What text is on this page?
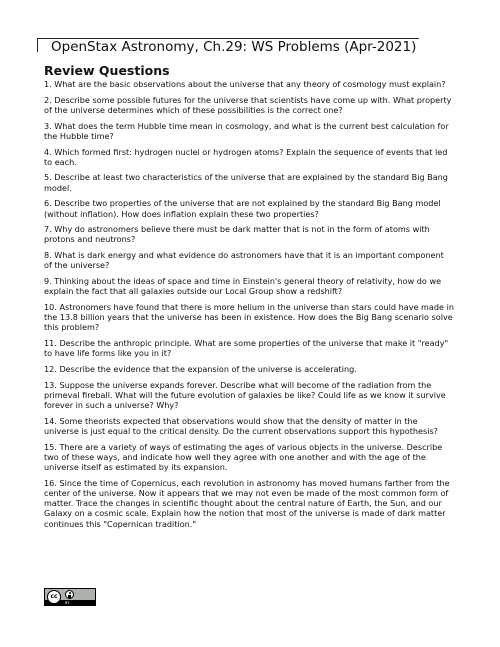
OpenStax Astronomy, Ch.29: WS Problems (Apr-2021)
Review Questions
1. What are the basic observations about the universe that any theory of cosmology must explain?
2. Describe some possible futures for the universe that scientists have come up with. What property of the universe determines which of these possibilities is the correct one?
3. What does the term Hubble time mean in cosmology, and what is the current best calculation for the Hubble time?
4. Which formed first: hydrogen nuclei or hydrogen atoms? Explain the sequence of events that led to each.
5. Describe at least two characteristics of the universe that are explained by the standard Big Bang model.
6. Describe two properties of the universe that are not explained by the standard Big Bang model (without inflation). How does inflation explain these two properties?
7. Why do astronomers believe there must be dark matter that is not in the form of atoms with protons and neutrons?
8. What is dark energy and what evidence do astronomers have that it is an important component of the universe?
9. Thinking about the ideas of space and time in Einstein's general theory of relativity, how do we explain the fact that all galaxies outside our Local Group show a redshift?
10. Astronomers have found that there is more helium in the universe than stars could have made in the 13.8 billion years that the universe has been in existence. How does the Big Bang scenario solve this problem?
11. Describe the anthropic principle. What are some properties of the universe that make it "ready" to have life forms like you in it?
12. Describe the evidence that the expansion of the universe is accelerating.
13. Suppose the universe expands forever. Describe what will become of the radiation from the primeval fireball. What will the future evolution of galaxies be like? Could life as we know it survive forever in such a universe? Why?
14. Some theorists expected that observations would show that the density of matter in the universe is just equal to the critical density. Do the current observations support this hypothesis?
15. There are a variety of ways of estimating the ages of various objects in the universe. Describe two of these ways, and indicate how well they agree with one another and with the age of the universe itself as estimated by its expansion.
16. Since the time of Copernicus, each revolution in astronomy has moved humans farther from the center of the universe. Now it appears that we may not even be made of the most common form of matter. Trace the changes in scientific thought about the central nature of Earth, the Sun, and our Galaxy on a cosmic scale. Explain how the notion that most of the universe is made of dark matter continues this "Copernican tradition."
cc
BY
